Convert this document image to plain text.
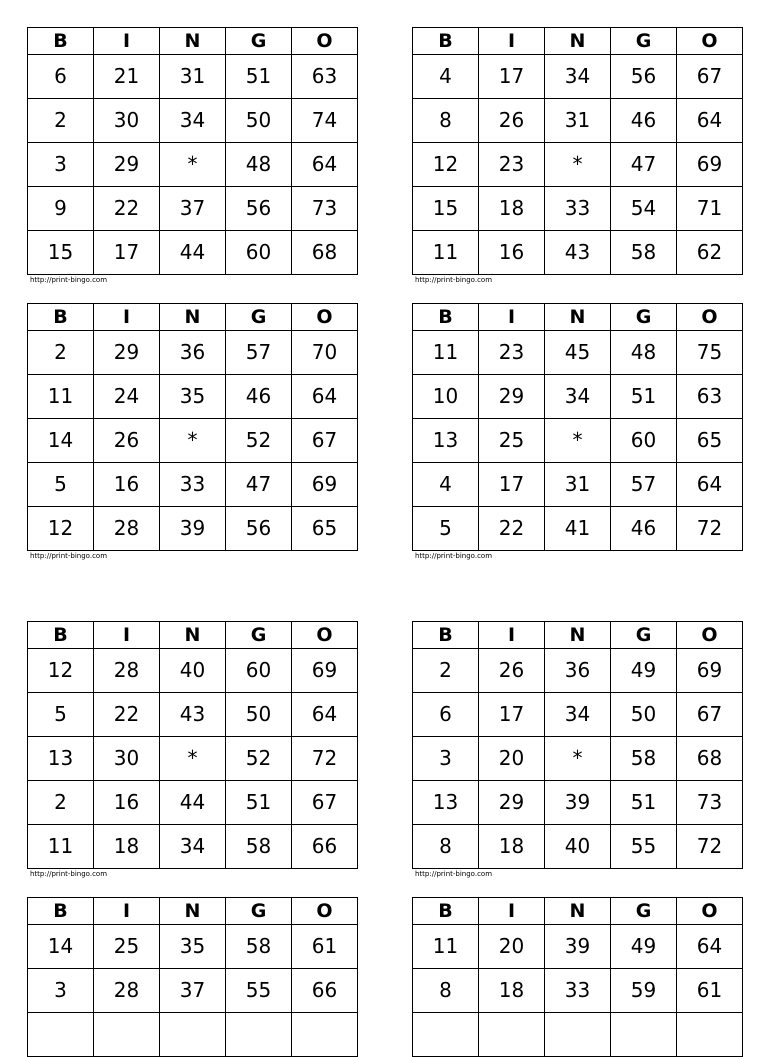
B	I	N	G	O
6	21	31	51	63
2	30	34	50	74
3	29	*	48	64
9	22	37	56	73
15	17	44	60	68
http://print-bingo.com
B	I	N	G	O
4	17	34	56	67
8	26	31	46	64
12	23	*	47	69
15	18	33	54	71
11	16	43	58	62
http://print-bingo.com
B	I	N	G	O
2	29	36	57	70
11	24	35	46	64
14	26	*	52	67
5	16	33	47	69
12	28	39	56	65
http://print-bingo.com
B	I	N	G	O
11	23	45	48	75
10	29	34	51	63
13	25	*	60	65
4	17	31	57	64
5	22	41	46	72
http://print-bingo.com
B	I	N	G	O
12	28	40	60	69
5	22	43	50	64
13	30	*	52	72
2	16	44	51	67
11	18	34	58	66
http://print-bingo.com
B	I	N	G	O
2	26	36	49	69
6	17	34	50	67
3	20	*	58	68
13	29	39	51	73
8	18	40	55	72
http://print-bingo.com
B	I	N	G	O
14	25	35	58	61
3	28	37	55	66

B	I	N	G	O
11	20	39	49	64
8	18	33	59	61
